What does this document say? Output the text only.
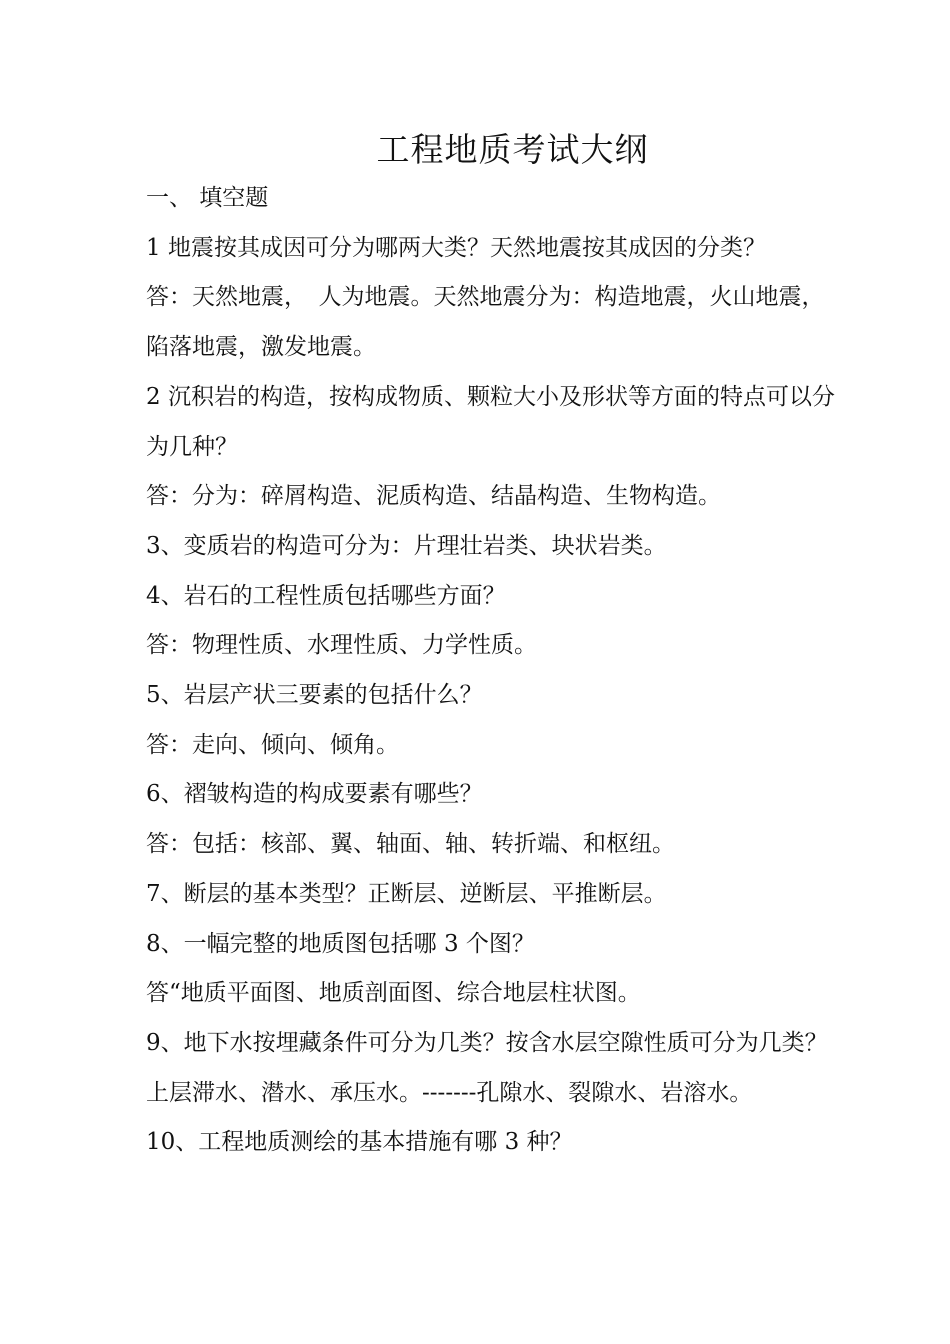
工程地质考试大纲

一、 填空题

1 地震按其成因可分为哪两大类？天然地震按其成因的分类？

答：天然地震，　人为地震。天然地震分为：构造地震，火山地震，陷落地震，激发地震。

2 沉积岩的构造，按构成物质、颗粒大小及形状等方面的特点可以分为几种？

答：分为：碎屑构造、泥质构造、结晶构造、生物构造。

3、变质岩的构造可分为：片理壮岩类、块状岩类。

4、岩石的工程性质包括哪些方面？

答：物理性质、水理性质、力学性质。

5、岩层产状三要素的包括什么？

答：走向、倾向、倾角。

6、褶皱构造的构成要素有哪些？

答：包括：核部、翼、轴面、轴、转折端、和枢纽。

7、断层的基本类型？正断层、逆断层、平推断层。

8、一幅完整的地质图包括哪 3 个图？

答“地质平面图、地质剖面图、综合地层柱状图。

9、地下水按埋藏条件可分为几类？按含水层空隙性质可分为几类？上层滞水、潜水、承压水。-------孔隙水、裂隙水、岩溶水。

10、工程地质测绘的基本措施有哪 3 种？
